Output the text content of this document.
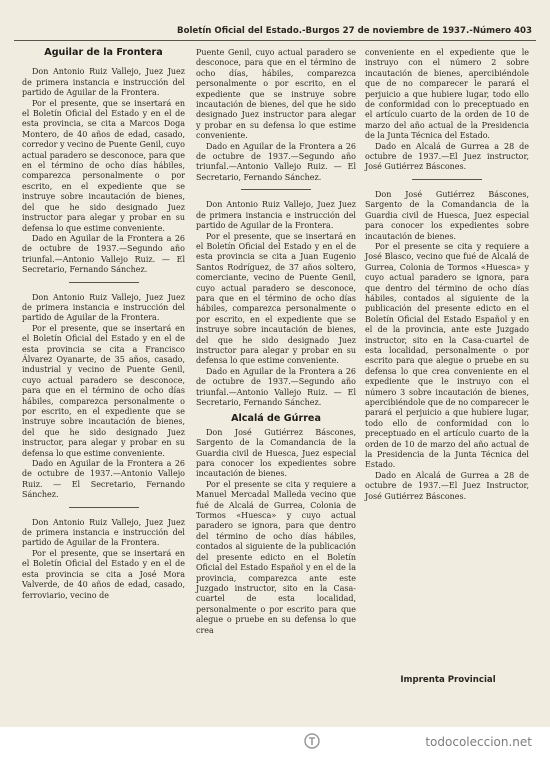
Boletín Oficial del Estado.-Burgos 27 de noviembre de 1937.-Número 403
Aguilar de la Frontera

Don Antonio Ruiz Vallejo, Juez Juez de primera instancia e instrucción del partido de Aguilar de la Frontera.

Por el presente, que se insertará en el Boletín Oficial del Estado y en el de esta provincia, se cita a Marcos Doga Montero, de 40 años de edad, casado, corredor y vecino de Puente Genil, cuyo actual paradero se desconoce, para que en el término de ocho días hábiles, comparezca personalmente o por escrito, en el expediente que se instruye sobre incautación de bienes, del que he sido designado Juez instructor para alegar y probar en su defensa lo que estime conveniente.

Dado en Aguilar de la Frontera a 26 de octubre de 1937.—Segundo año triunfal.—Antonio Vallejo Ruiz. — El Secretario, Fernando Sánchez.

Don Antonio Ruiz Vallejo, Juez Juez de primera instancia e instrucción del partido de Aguilar de la Frontera.

Por el presente, que se insertará en el Boletín Oficial del Estado y en el de esta provincia se cita a Francisco Álvarez Oyanarte, de 35 años, casado, industrial y vecino de Puente Genil, cuyo actual paradero se desconoce, para que en el término de ocho días hábiles, comparezca personalmente o por escrito, en el expediente que se instruye sobre incautación de bienes, del que he sido designado Juez instructor, para alegar y probar en su defensa lo que estime conveniente.

Dado en Aguilar de la Frontera a 26 de octubre de 1937.—Antonio Vallejo Ruiz. — El Secretario, Fernando Sánchez.

Don Antonio Ruiz Vallejo, Juez Juez de primera instancia e instrucción del partido de Aguilar de la Frontera.

Por el presente, que se insertará en el Boletín Oficial del Estado y en el de esta provincia se cita a José Mora Valverde, de 40 años de edad, casado, ferroviario, vecino de

Puente Genil, cuyo actual paradero se desconoce, para que en el término de ocho días, hábiles, comparezca personalmente o por escrito, en el expediente que se instruye sobre incautación de bienes, del que he sido designado Juez instructor para alegar y probar en su defensa lo que estime conveniente.

Dado en Aguilar de la Frontera a 26 de octubre de 1937.—Segundo año triunfal.—Antonio Vallejo Ruiz. — El Secretario, Fernando Sánchez.

Don Antonio Ruiz Vallejo, Juez Juez de primera instancia e instrucción del partido de Aguilar de la Frontera.

Por el presente, que se insertará en el Boletín Oficial del Estado y en el de esta provincia se cita a Juan Eugenio Santos Rodríguez, de 37 años soltero, comerciante, vecino de Puente Genil, cuyo actual paradero se desconoce, para que en el término de ocho días hábiles, comparezca personalmente o por escrito, en el expediente que se instruye sobre incautación de bienes, del que he sido designado Juez instructor para alegar y probar en su defensa lo que estime conveniente.

Dado en Aguilar de la Frontera a 26 de octubre de 1937.—Segundo año triunfal.—Antonio Vallejo Ruiz. — El Secretario, Fernando Sánchez.

Alcalá de Gúrrea

Don José Gutiérrez Báscones, Sargento de la Comandancia de la Guardia civil de Huesca, Juez especial para conocer los expedientes sobre incautación de bienes.

Por el presente se cita y requiere a Manuel Mercadal Malleda vecino que fué de Alcalá de Gurrea, Colonia de Tormos «Huesca» y cuyo actual paradero se ignora, para que dentro del término de ocho días hábiles, contados al siguiente de la publicación del presente edicto en el Boletín Oficial del Estado Español y en el de la provincia, comparezca ante este Juzgado instructor, sito en la Casa-cuartel de esta localidad, personalmente o por escrito para que alegue o pruebe en su defensa lo que crea

conveniente en el expediente que le instruyo con el número 2 sobre incautación de bienes, apercibiéndole que de no comparecer le parará el perjuicio a que hubiere lugar, todo ello de conformidad con lo preceptuado en el artículo cuarto de la orden de 10 de marzo del año actual de la Presidencia de la Junta Técnica del Estado.

Dado en Alcalá de Gurrea a 28 de octubre de 1937.—El Juez instructor, José Gutiérrez Báscones.

Don José Gutiérrez Báscones, Sargento de la Comandancia de la Guardia civil de Huesca, Juez especial para conocer los expedientes sobre incautación de bienes.

Por el presente se cita y requiere a José Blasco, vecino que fué de Alcalá de Gurrea, Colonia de Tormos «Huesca» y cuyo actual paradero se ignora, para que dentro del término de ocho días hábiles, contados al siguiente de la publicación del presente edicto en el Boletín Oficial del Estado Español y en el de la provincia, ante este Juzgado instructor, sito en la Casa-cuartel de esta localidad, personalmente o por escrito para que alegue o pruebe en su defensa lo que crea conveniente en el expediente que le instruyo con el número 3 sobre incautación de bienes, apercibiéndole que de no comparecer le parará el perjuicio a que hubiere lugar, todo ello de conformidad con lo preceptuado en el artículo cuarto de la orden de 10 de marzo del año actual de la Presidencia de la Junta Técnica del Estado.

Dado en Alcalá de Gurrea a 28 de octubre de 1937.—El Juez Instructor, José Gutiérrez Báscones.

Imprenta Provincial
todocoleccion.net
